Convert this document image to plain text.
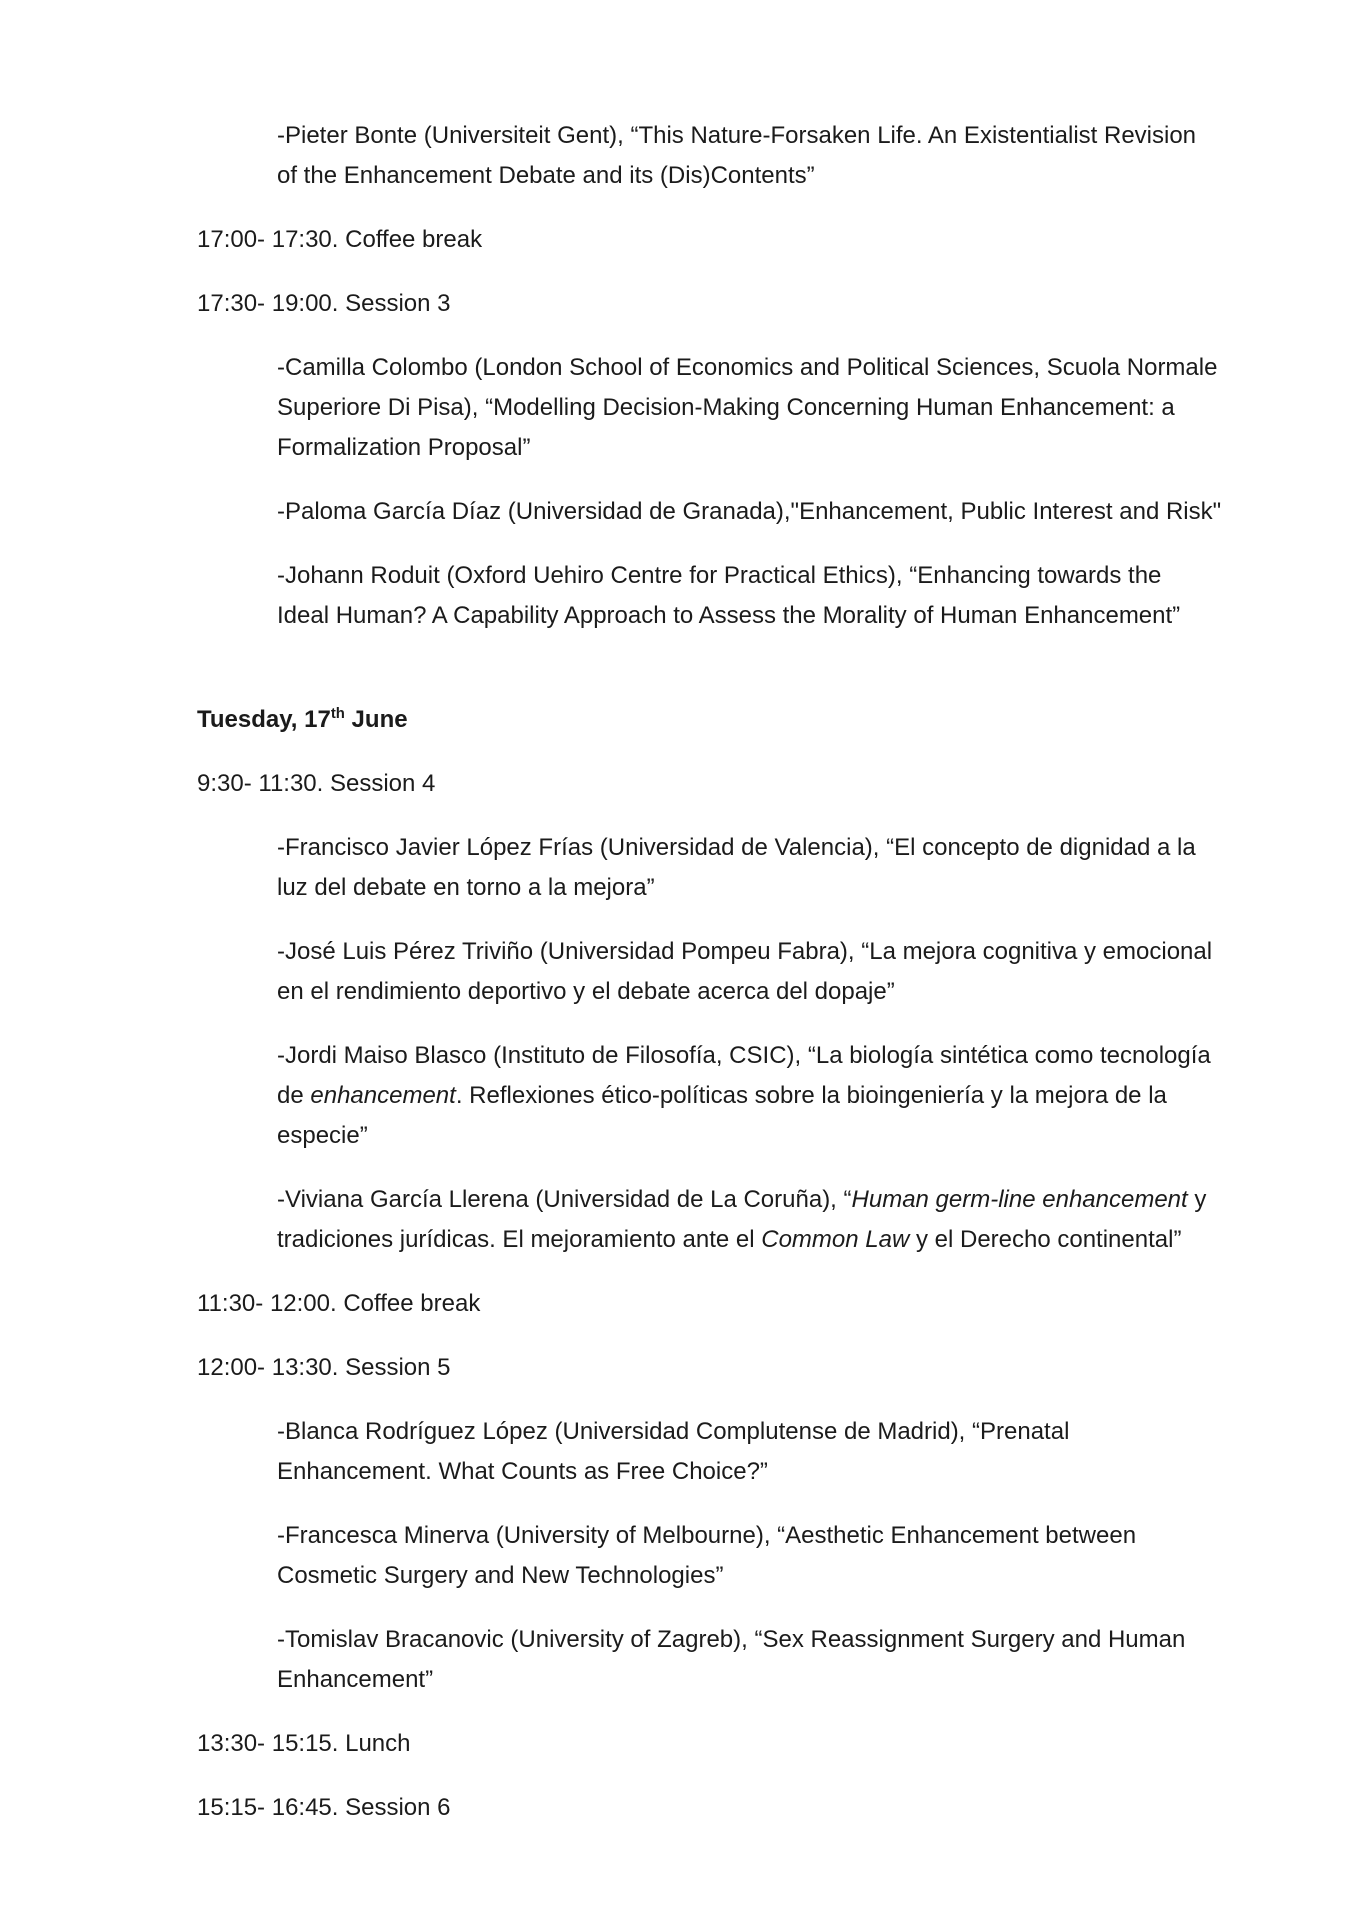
-Pieter Bonte (Universiteit Gent), “This Nature-Forsaken Life. An Existentialist Revision
of the Enhancement Debate and its (Dis)Contents”
17:00- 17:30. Coffee break
17:30- 19:00. Session 3
-Camilla Colombo (London School of Economics and Political Sciences, Scuola Normale
Superiore Di Pisa), “Modelling Decision-Making Concerning Human Enhancement: a
Formalization Proposal”
-Paloma García Díaz (Universidad de Granada),"Enhancement, Public Interest and Risk"
-Johann Roduit (Oxford Uehiro Centre for Practical Ethics), “Enhancing towards the
Ideal Human? A Capability Approach to Assess the Morality of Human Enhancement”
Tuesday, 17th June
9:30- 11:30. Session 4
-Francisco Javier López Frías (Universidad de Valencia), “El concepto de dignidad a la
luz del debate en torno a la mejora”
-José Luis Pérez Triviño (Universidad Pompeu Fabra), “La mejora cognitiva y emocional
en el rendimiento deportivo y el debate acerca del dopaje”
-Jordi Maiso Blasco (Instituto de Filosofía, CSIC), “La biología sintética como tecnología
de enhancement. Reflexiones ético-políticas sobre la bioingeniería y la mejora de la
especie”
-Viviana García Llerena (Universidad de La Coruña), “Human germ-line enhancement y
tradiciones jurídicas. El mejoramiento ante el Common Law y el Derecho continental”
11:30- 12:00. Coffee break
12:00- 13:30. Session 5
-Blanca Rodríguez López (Universidad Complutense de Madrid), “Prenatal
Enhancement. What Counts as Free Choice?”
-Francesca Minerva (University of Melbourne), “Aesthetic Enhancement between
Cosmetic Surgery and New Technologies”
-Tomislav Bracanovic (University of Zagreb), “Sex Reassignment Surgery and Human
Enhancement”
13:30- 15:15. Lunch
15:15- 16:45. Session 6
